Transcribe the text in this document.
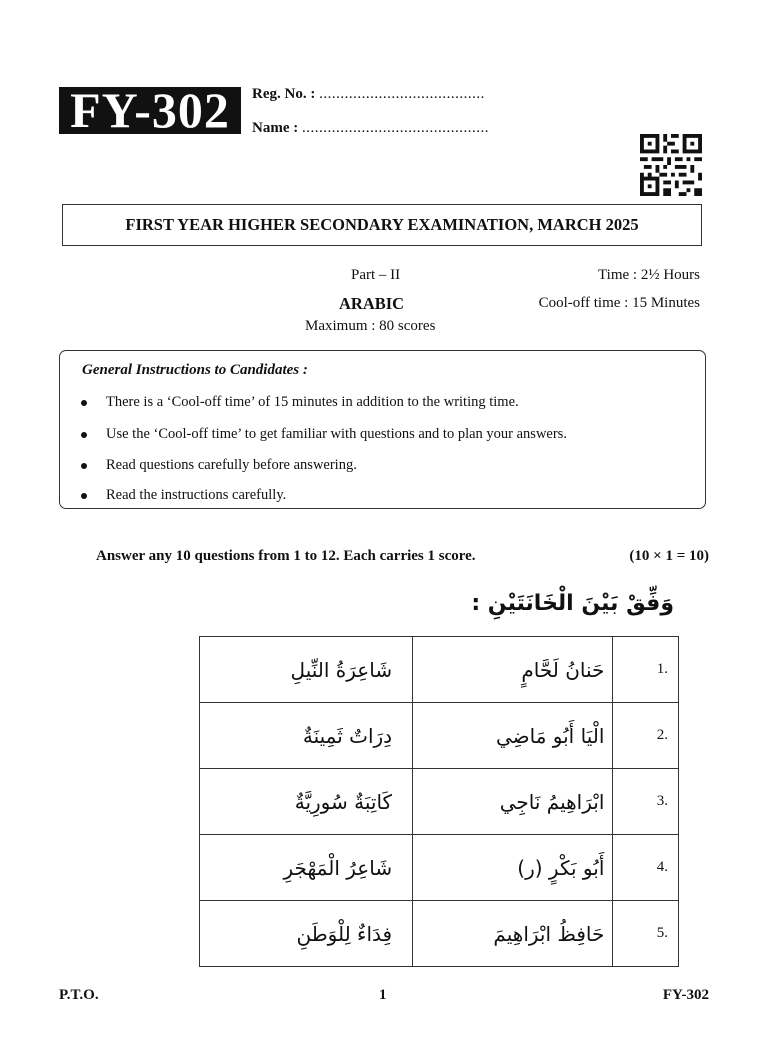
FY-302	Reg. No. : .......................................
Name : ............................................
FIRST YEAR HIGHER SECONDARY EXAMINATION, MARCH 2025
Part – II
ARABIC
Maximum : 80 scores
Time : 2½ Hours
Cool-off time : 15 Minutes
General Instructions to Candidates :
There is a ‘Cool-off time’ of 15 minutes in addition to the writing time.
Use the ‘Cool-off time’ to get familiar with questions and to plan your answers.
Read questions carefully before answering.
Read the instructions carefully.
Answer any 10 questions from 1 to 12. Each carries 1 score.	(10 × 1 = 10)
وَفِّقْ بَيْنَ الْخَانَتَيْنِ :
شَاعِرَةُ النِّيلِ	حَنانُ لَحَّامٍ	1.
دِرَاتٌ ثَمِينَةٌ	الْيَا أَبُو مَاضِي	2.
كَاتِبَةٌ سُورِيَّةٌ	ابْرَاهِيمُ نَاجِي	3.
شَاعِرُ الْمَهْجَرِ	أَبُو بَكْرٍ (ر)	4.
فِدَاءٌ لِلْوَطَنِ	حَافِظُ ابْرَاهِيمَ	5.
P.T.O.	1	FY-302
